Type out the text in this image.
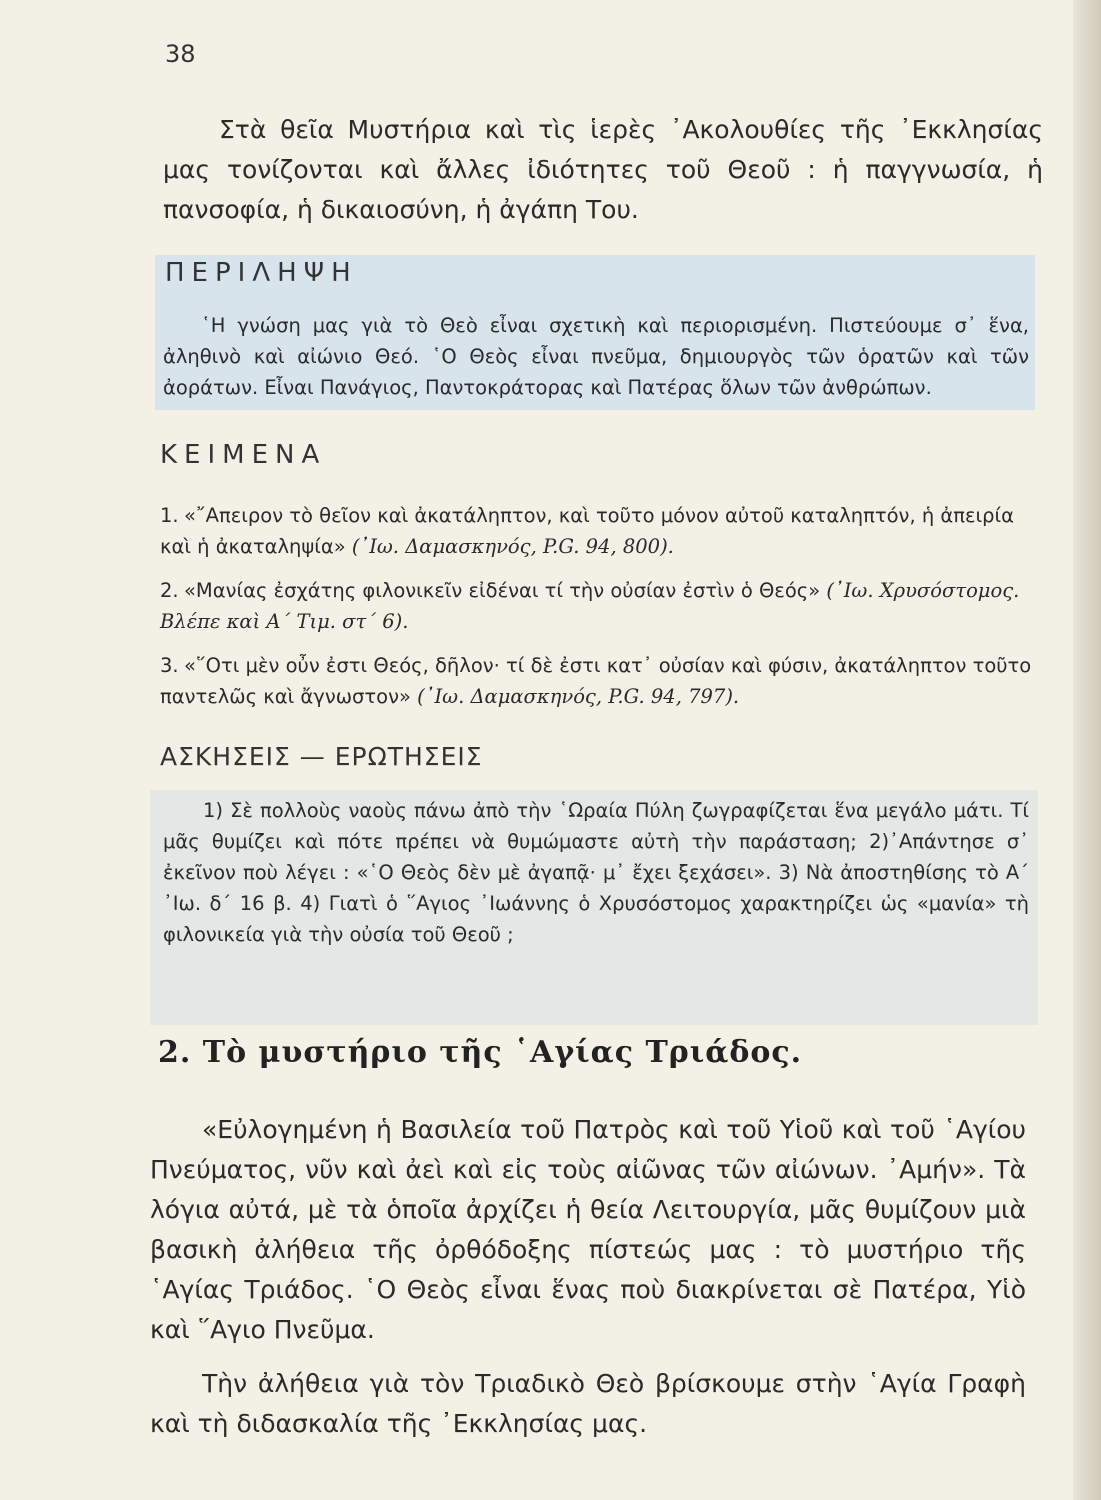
38
Στὰ θεῖα Μυστήρια καὶ τὶς ἱερὲς ᾿Ακολουθίες τῆς ᾿Εκκλησίας μας τονίζονται καὶ ἄλλες ἰδιότητες τοῦ Θεοῦ : ἡ παγγνωσία, ἡ πανσοφία, ἡ δικαιοσύνη, ἡ ἀγάπη Του.
ΠΕΡΙΛΗΨΗ
῾Η γνώση μας γιὰ τὸ Θεὸ εἶναι σχετικὴ καὶ περιορισμένη. Πιστεύουμε σ᾿ ἕνα, ἀληθινὸ καὶ αἰώνιο Θεό. ῾Ο Θεὸς εἶναι πνεῦμα, δημιουργὸς τῶν ὁρατῶν καὶ τῶν ἀοράτων. Εἶναι Πανάγιος, Παντοκράτορας καὶ Πατέρας ὅλων τῶν ἀνθρώπων.
ΚΕΙΜΕΝΑ
1. «῎Απειρον τὸ θεῖον καὶ ἀκατάληπτον, καὶ τοῦτο μόνον αὐτοῦ καταληπτόν, ἡ ἀπειρία καὶ ἡ ἀκαταληψία» (᾿Ιω. Δαμασκηνός, P.G. 94, 800).
2. «Μανίας ἐσχάτης φιλονικεῖν εἰδέναι τί τὴν οὐσίαν ἐστὶν ὁ Θεός» (᾿Ιω. Χρυσόστομος. Βλέπε καὶ Α΄ Τιμ. στ΄ 6).
3. «῞Οτι μὲν οὖν ἐστι Θεός, δῆλον· τί δὲ ἐστι κατ᾿ οὐσίαν καὶ φύσιν, ἀκατάληπτον τοῦτο παντελῶς καὶ ἄγνωστον» (᾿Ιω. Δαμασκηνός, P.G. 94, 797).
ΑΣΚΗΣΕΙΣ — ΕΡΩΤΗΣΕΙΣ
1) Σὲ πολλοὺς ναοὺς πάνω ἀπὸ τὴν ῾Ωραία Πύλη ζωγραφίζεται ἕνα μεγάλο μάτι. Τί μᾶς θυμίζει καὶ πότε πρέπει νὰ θυμώμαστε αὐτὴ τὴν παράσταση; 2)᾿Απάντησε σ᾿ ἐκεῖνον ποὺ λέγει : «῾Ο Θεὸς δὲν μὲ ἀγαπᾷ· μ᾿ ἔχει ξεχάσει». 3) Νὰ ἀποστηθίσης τὸ Α΄ ᾿Ιω. δ΄ 16 β. 4) Γιατὶ ὁ ῞Αγιος ᾿Ιωάννης ὁ Χρυσόστομος χαρακτηρίζει ὡς «μανία» τὴ φιλονικεία γιὰ τὴν οὐσία τοῦ Θεοῦ ;
2. Τὸ μυστήριο τῆς ῾Αγίας Τριάδος.

«Εὐλογημένη ἡ Βασιλεία τοῦ Πατρὸς καὶ τοῦ Υἱοῦ καὶ τοῦ ῾Αγίου Πνεύματος, νῦν καὶ ἀεὶ καὶ εἰς τοὺς αἰῶνας τῶν αἰώνων. ᾿Αμήν». Τὰ λόγια αὐτά, μὲ τὰ ὁποῖα ἀρχίζει ἡ θεία Λειτουργία, μᾶς θυμίζουν μιὰ βασικὴ ἀλήθεια τῆς ὀρθόδοξης πίστεώς μας : τὸ μυστήριο τῆς ῾Αγίας Τριάδος. ῾Ο Θεὸς εἶναι ἕνας ποὺ διακρίνεται σὲ Πατέρα, Υἱὸ καὶ ῞Αγιο Πνεῦμα.

Τὴν ἀλήθεια γιὰ τὸν Τριαδικὸ Θεὸ βρίσκουμε στὴν ῾Αγία Γραφὴ καὶ τὴ διδασκαλία τῆς ᾿Εκκλησίας μας.
